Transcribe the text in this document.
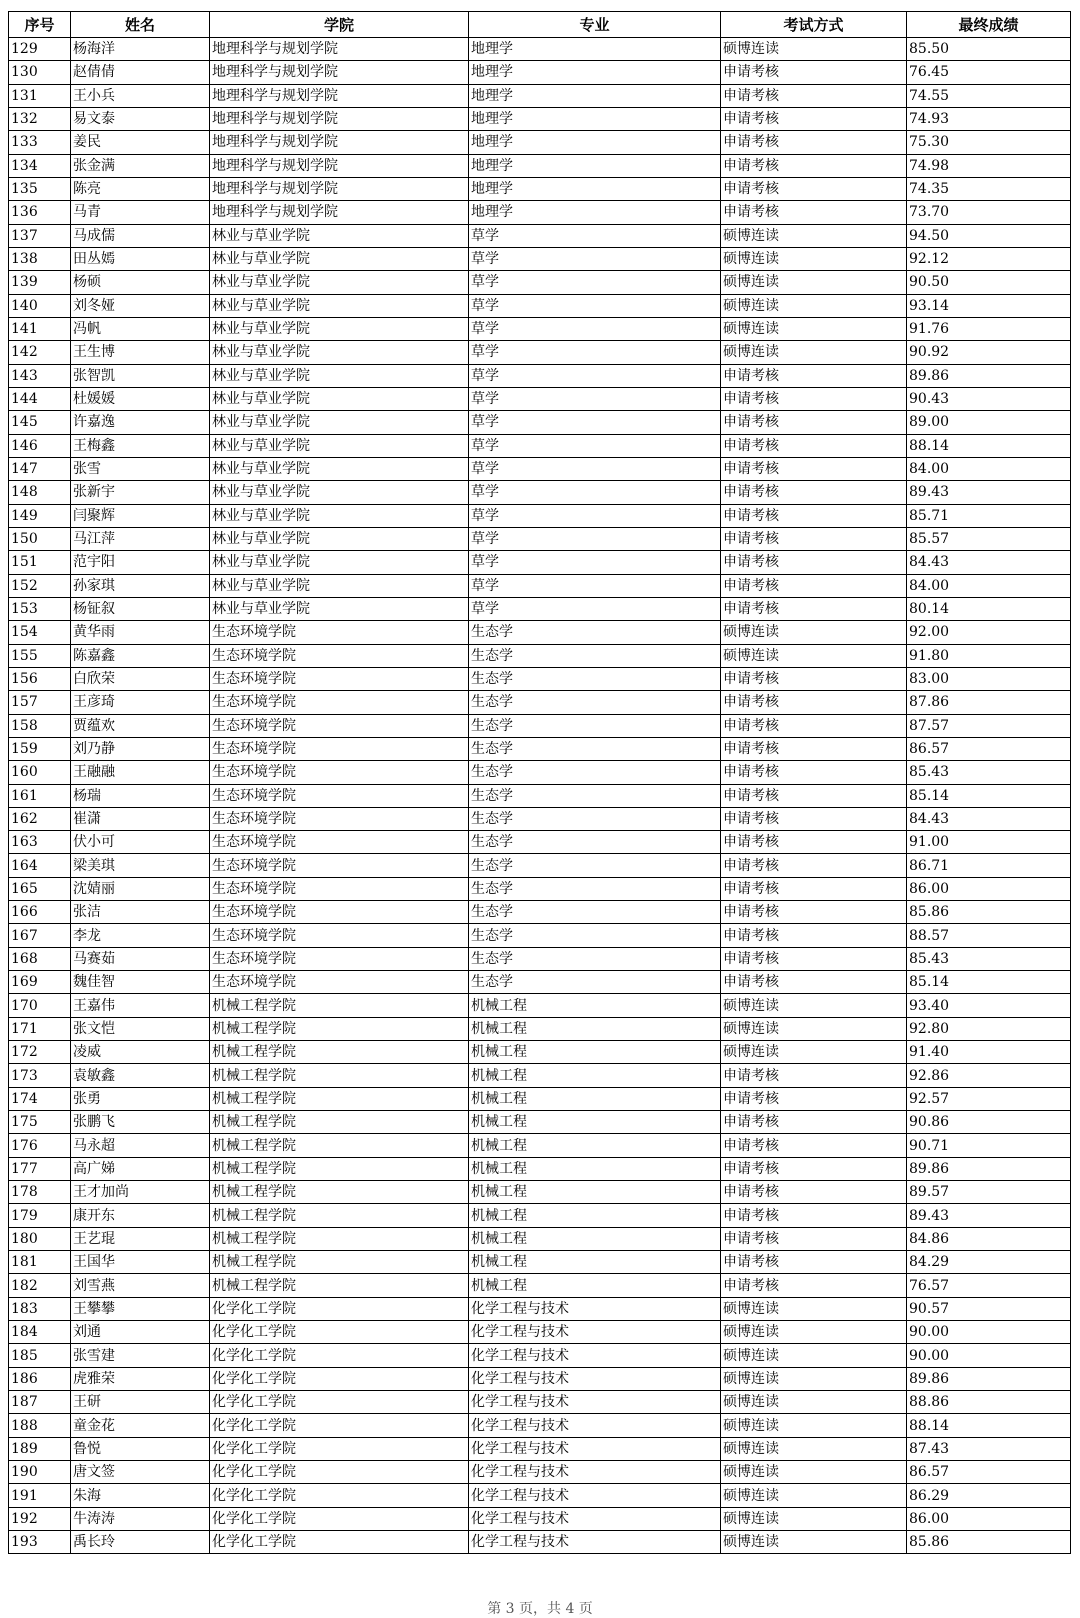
序号	姓名	学院	专业	考试方式	最终成绩
129	杨海洋	地理科学与规划学院	地理学	硕博连读	85.50
130	赵倩倩	地理科学与规划学院	地理学	申请考核	76.45
131	王小兵	地理科学与规划学院	地理学	申请考核	74.55
132	易文泰	地理科学与规划学院	地理学	申请考核	74.93
133	姜民	地理科学与规划学院	地理学	申请考核	75.30
134	张金满	地理科学与规划学院	地理学	申请考核	74.98
135	陈亮	地理科学与规划学院	地理学	申请考核	74.35
136	马青	地理科学与规划学院	地理学	申请考核	73.70
137	马成儒	林业与草业学院	草学	硕博连读	94.50
138	田丛嫣	林业与草业学院	草学	硕博连读	92.12
139	杨硕	林业与草业学院	草学	硕博连读	90.50
140	刘冬娅	林业与草业学院	草学	硕博连读	93.14
141	冯帆	林业与草业学院	草学	硕博连读	91.76
142	王生博	林业与草业学院	草学	硕博连读	90.92
143	张智凯	林业与草业学院	草学	申请考核	89.86
144	杜媛媛	林业与草业学院	草学	申请考核	90.43
145	许嘉逸	林业与草业学院	草学	申请考核	89.00
146	王梅鑫	林业与草业学院	草学	申请考核	88.14
147	张雪	林业与草业学院	草学	申请考核	84.00
148	张新宇	林业与草业学院	草学	申请考核	89.43
149	闫聚辉	林业与草业学院	草学	申请考核	85.71
150	马江萍	林业与草业学院	草学	申请考核	85.57
151	范宇阳	林业与草业学院	草学	申请考核	84.43
152	孙家琪	林业与草业学院	草学	申请考核	84.00
153	杨钲叙	林业与草业学院	草学	申请考核	80.14
154	黄华雨	生态环境学院	生态学	硕博连读	92.00
155	陈嘉鑫	生态环境学院	生态学	硕博连读	91.80
156	白欣荣	生态环境学院	生态学	申请考核	83.00
157	王彦琦	生态环境学院	生态学	申请考核	87.86
158	贾蕴欢	生态环境学院	生态学	申请考核	87.57
159	刘乃静	生态环境学院	生态学	申请考核	86.57
160	王融融	生态环境学院	生态学	申请考核	85.43
161	杨瑞	生态环境学院	生态学	申请考核	85.14
162	崔潇	生态环境学院	生态学	申请考核	84.43
163	伏小可	生态环境学院	生态学	申请考核	91.00
164	梁美琪	生态环境学院	生态学	申请考核	86.71
165	沈婧丽	生态环境学院	生态学	申请考核	86.00
166	张洁	生态环境学院	生态学	申请考核	85.86
167	李龙	生态环境学院	生态学	申请考核	88.57
168	马赛茹	生态环境学院	生态学	申请考核	85.43
169	魏佳智	生态环境学院	生态学	申请考核	85.14
170	王嘉伟	机械工程学院	机械工程	硕博连读	93.40
171	张文恺	机械工程学院	机械工程	硕博连读	92.80
172	凌威	机械工程学院	机械工程	硕博连读	91.40
173	袁敏鑫	机械工程学院	机械工程	申请考核	92.86
174	张勇	机械工程学院	机械工程	申请考核	92.57
175	张鹏飞	机械工程学院	机械工程	申请考核	90.86
176	马永超	机械工程学院	机械工程	申请考核	90.71
177	高广娣	机械工程学院	机械工程	申请考核	89.86
178	王才加尚	机械工程学院	机械工程	申请考核	89.57
179	康开东	机械工程学院	机械工程	申请考核	89.43
180	王艺琨	机械工程学院	机械工程	申请考核	84.86
181	王国华	机械工程学院	机械工程	申请考核	84.29
182	刘雪燕	机械工程学院	机械工程	申请考核	76.57
183	王攀攀	化学化工学院	化学工程与技术	硕博连读	90.57
184	刘通	化学化工学院	化学工程与技术	硕博连读	90.00
185	张雪建	化学化工学院	化学工程与技术	硕博连读	90.00
186	虎雅荣	化学化工学院	化学工程与技术	硕博连读	89.86
187	王研	化学化工学院	化学工程与技术	硕博连读	88.86
188	童金花	化学化工学院	化学工程与技术	硕博连读	88.14
189	鲁悦	化学化工学院	化学工程与技术	硕博连读	87.43
190	唐文签	化学化工学院	化学工程与技术	硕博连读	86.57
191	朱海	化学化工学院	化学工程与技术	硕博连读	86.29
192	牛涛涛	化学化工学院	化学工程与技术	硕博连读	86.00
193	禹长玲	化学化工学院	化学工程与技术	硕博连读	85.86
第 3 页，共 4 页
